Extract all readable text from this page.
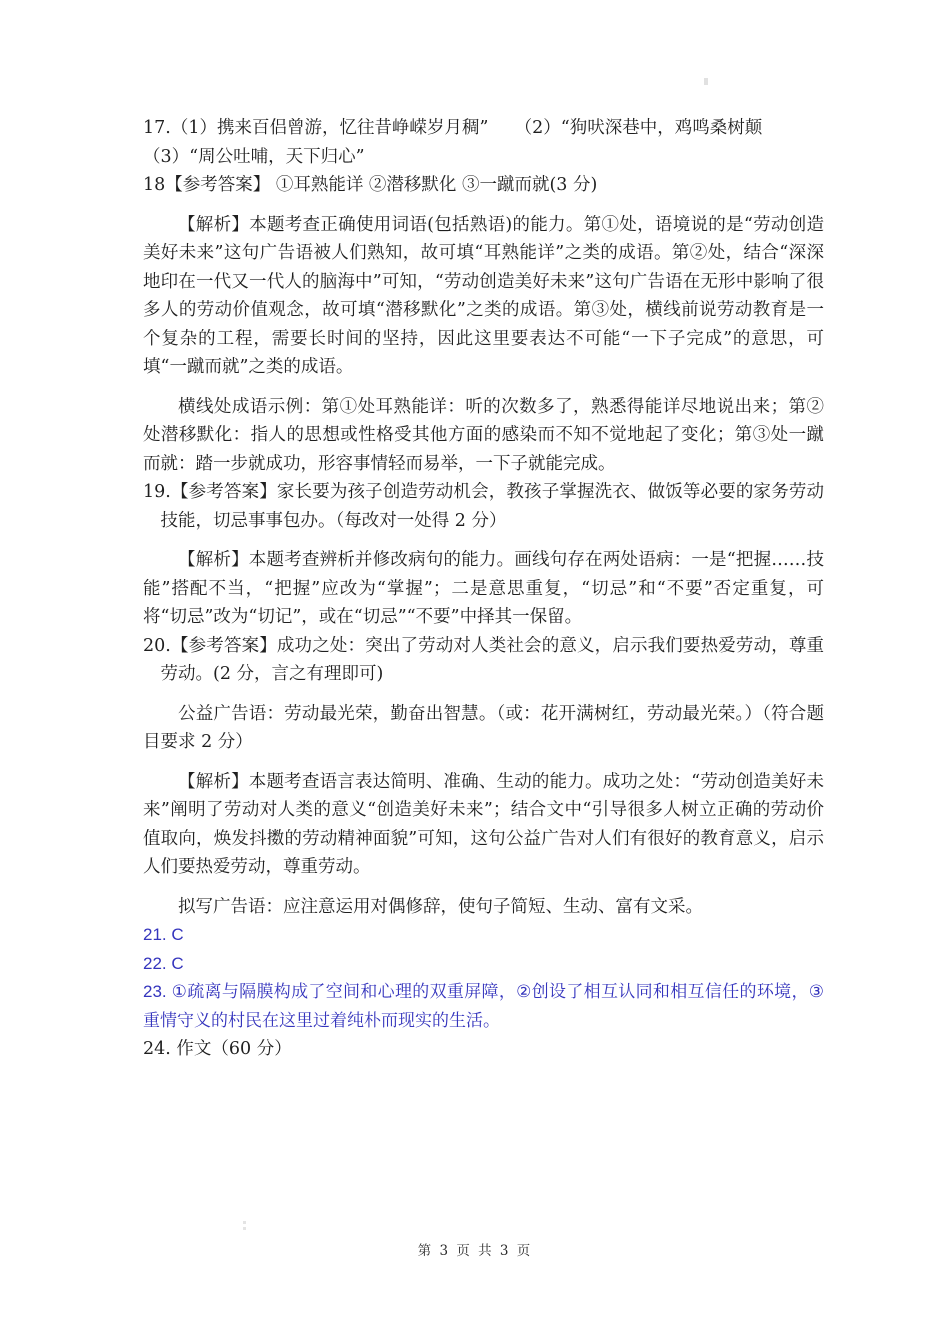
17.（1）携来百侣曾游，忆往昔峥嵘岁月稠”　　（2）“狗吠深巷中，鸡鸣桑树颠

（3）“周公吐哺，天下归心”

18【参考答案】 ①耳熟能详 ②潜移默化 ③一蹴而就(3 分)

【解析】本题考查正确使用词语(包括熟语)的能力。第①处，语境说的是“劳动创造美好未来”这句广告语被人们熟知，故可填“耳熟能详”之类的成语。第②处，结合“深深地印在一代又一代人的脑海中”可知，“劳动创造美好未来”这句广告语在无形中影响了很多人的劳动价值观念，故可填“潜移默化”之类的成语。第③处，横线前说劳动教育是一个复杂的工程，需要长时间的坚持，因此这里要表达不可能“一下子完成”的意思，可填“一蹴而就”之类的成语。

横线处成语示例：第①处耳熟能详：听的次数多了，熟悉得能详尽地说出来；第②处潜移默化：指人的思想或性格受其他方面的感染而不知不觉地起了变化；第③处一蹴而就：踏一步就成功，形容事情轻而易举，一下子就能完成。

19.【参考答案】家长要为孩子创造劳动机会，教孩子掌握洗衣、做饭等必要的家务劳动技能，切忌事事包办。（每改对一处得 2 分）

【解析】本题考查辨析并修改病句的能力。画线句存在两处语病：一是“把握……技能”搭配不当，“把握”应改为“掌握”；二是意思重复，“切忌”和“不要”否定重复，可将“切忌”改为“切记”，或在“切忌”“不要”中择其一保留。

20.【参考答案】成功之处：突出了劳动对人类社会的意义，启示我们要热爱劳动，尊重劳动。(2 分，言之有理即可)

公益广告语：劳动最光荣，勤奋出智慧。（或：花开满树红，劳动最光荣。）（符合题目要求 2 分）

【解析】本题考查语言表达简明、准确、生动的能力。成功之处：“劳动创造美好未来”阐明了劳动对人类的意义“创造美好未来”；结合文中“引导很多人树立正确的劳动价值取向，焕发抖擞的劳动精神面貌”可知，这句公益广告对人们有很好的教育意义，启示人们要热爱劳动，尊重劳动。

拟写广告语：应注意运用对偶修辞，使句子简短、生动、富有文采。

21. C

22. C

23. ①疏离与隔膜构成了空间和心理的双重屏障，②创设了相互认同和相互信任的环境，③重情守义的村民在这里过着纯朴而现实的生活。

24. 作文（60 分）

第 3 页 共 3 页
